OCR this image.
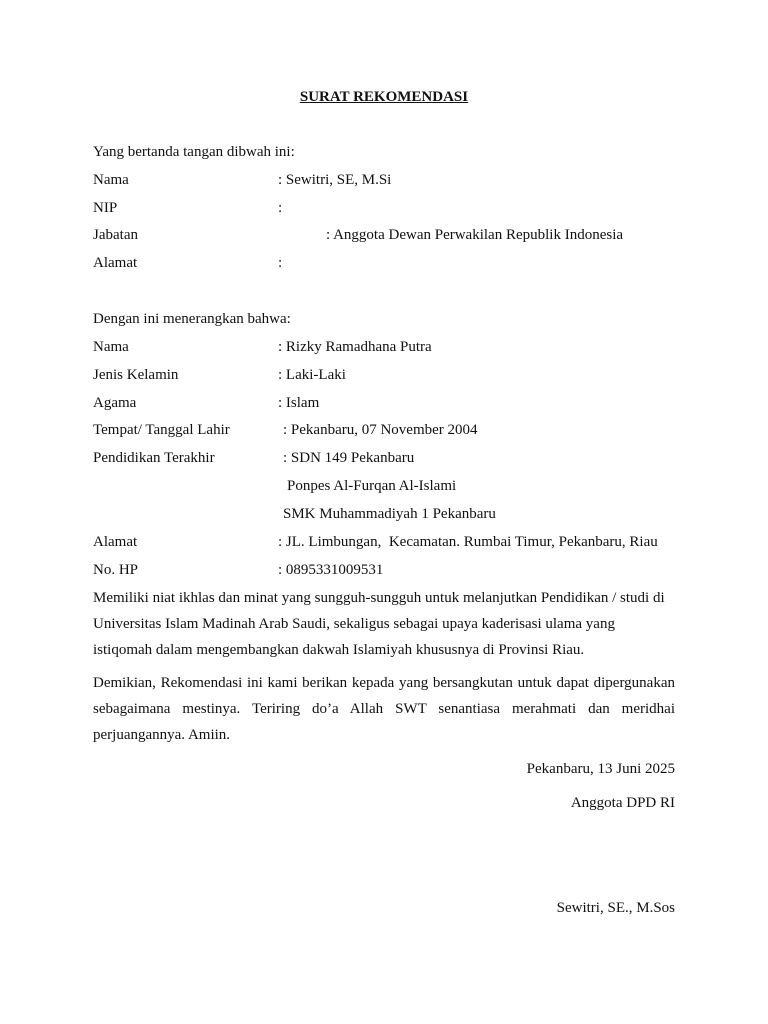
SURAT REKOMENDASI
Yang bertanda tangan dibwah ini:
Nama	: Sewitri, SE, M.Si
NIP	:
Jabatan	: Anggota Dewan Perwakilan Republik Indonesia
Alamat	:
Dengan ini menerangkan bahwa:
Nama	: Rizky Ramadhana Putra
Jenis Kelamin	: Laki-Laki
Agama	: Islam
Tempat/ Tanggal Lahir	: Pekanbaru, 07 November 2004
Pendidikan Terakhir	: SDN 149 Pekanbaru
Ponpes Al-Furqan Al-Islami
SMK Muhammadiyah 1 Pekanbaru
Alamat	: JL. Limbungan,  Kecamatan. Rumbai Timur, Pekanbaru, Riau
No. HP	: 0895331009531
Memiliki niat ikhlas dan minat yang sungguh-sungguh untuk melanjutkan Pendidikan / studi di Universitas Islam Madinah Arab Saudi, sekaligus sebagai upaya kaderisasi ulama yang istiqomah dalam mengembangkan dakwah Islamiyah khususnya di Provinsi Riau.
Demikian, Rekomendasi ini kami berikan kepada yang bersangkutan untuk dapat dipergunakan sebagaimana mestinya. Teriring do’a Allah SWT senantiasa merahmati dan meridhai perjuangannya. Amiin.
Pekanbaru, 13 Juni 2025
Anggota DPD RI
Sewitri, SE., M.Sos
